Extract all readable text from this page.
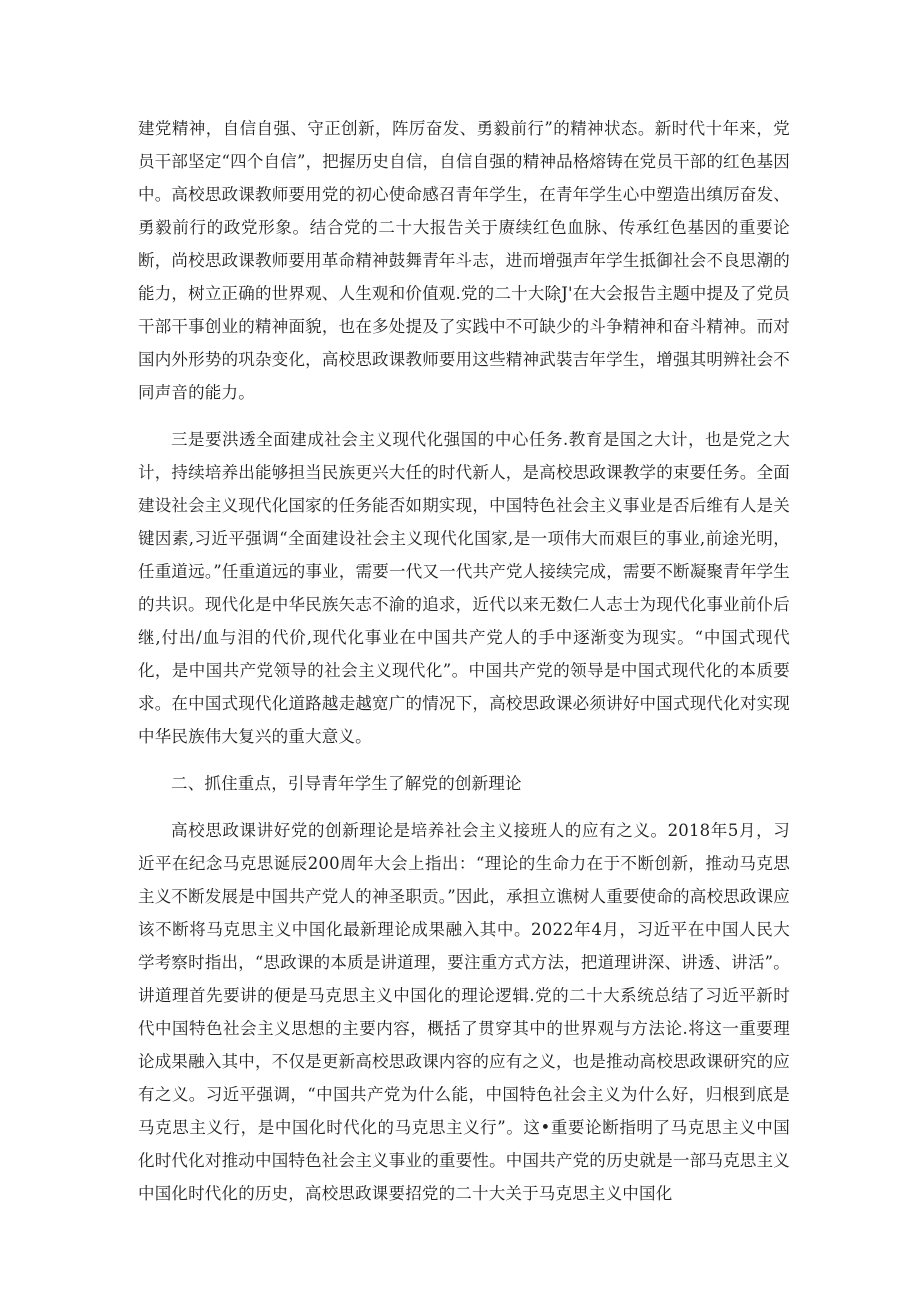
建党精神，自信自强、守正创新，阵厉奋发、勇毅前行”的精神状态。新时代十年来，党员干部坚定“四个自信”，把握历史自信，自信自强的精神品格熔铸在党员干部的红色基因中。高校思政课教师要用党的初心使命感召青年学生，在青年学生心中塑造出缜厉奋发、勇毅前行的政党形象。结合党的二十大报告关于赓续红色血脉、传承红色基因的重要论断，尚校思政课教师要用革命精神鼓舞青年斗志，进而增强声年学生抵御社会不良思潮的能力，树立正确的世界观、人生观和价值观.党的二十大除J'在大会报告主题中提及了党员干部干事创业的精神面貌，也在多处提及了实践中不可缺少的斗争精神和奋斗精神。而对国内外形势的巩杂变化，高校思政课教师要用这些精神武裝吉年学生，增强其明辨社会不同声音的能力。

三是要洪透全面建成社会主义现代化强国的中心任务.教育是国之大计，也是党之大计，持续培养出能够担当民族更兴大任的时代新人，是高校思政课教学的束要任务。全面建设社会主义现代化国家的任务能否如期实现，中国特色社会主义事业是否后维有人是关键因素,习近平强调“全面建设社会主义现代化国家,是一项伟大而艰巨的事业,前途光明，任重道远。”任重道远的事业，需要一代又一代共产党人接续完成，需要不断凝聚青年学生的共识。现代化是中华民族矢志不渝的追求，近代以来无数仁人志士为现代化事业前仆后继,付出/血与泪的代价,现代化事业在中国共产党人的手中逐渐变为现实。“中国式现代化，是中国共产党领导的社会主义现代化”。中国共产党的领导是中国式现代化的本质要求。在中国式现代化道路越走越宽广的情况下，高校思政课必须讲好中国式现代化对实现中华民族伟大复兴的重大意义。

二、抓住重点，引导青年学生了解党的创新理论

高校思政课讲好党的创新理论是培养社会主义接班人的应有之义。2018年5月，习近平在纪念马克思诞辰200周年大会上指出：“理论的生命力在于不断创新，推动马克思主义不断发展是中国共产党人的神圣职贡。”因此，承担立谯树人重要使命的高校思政课应该不断将马克思主义中国化最新理论成果融入其中。2022年4月，习近平在中国人民大学考察时指出，“思政课的本质是讲道理，要注重方式方法，把道理讲深、讲透、讲活”。讲道理首先要讲的便是马克思主义中国化的理论逻辑.党的二十大系统总结了习近平新时代中国特色社会主义思想的主要内容，概括了贯穿其中的世界观与方法论.将这一重要理论成果融入其中，不仅是更新高校思政课内容的应有之义，也是推动高校思政课研究的应有之义。习近平强调，“中国共产党为什么能，中国特色社会主义为什么好，归根到底是马克思主义行，是中国化时代化的马克思主义行”。这•重要论断指明了马克思主义中国化时代化对推动中国特色社会主义事业的重要性。中国共产党的历史就是一部马克思主义中国化时代化的历史，高校思政课要招党的二十大关于马克思主义中国化
